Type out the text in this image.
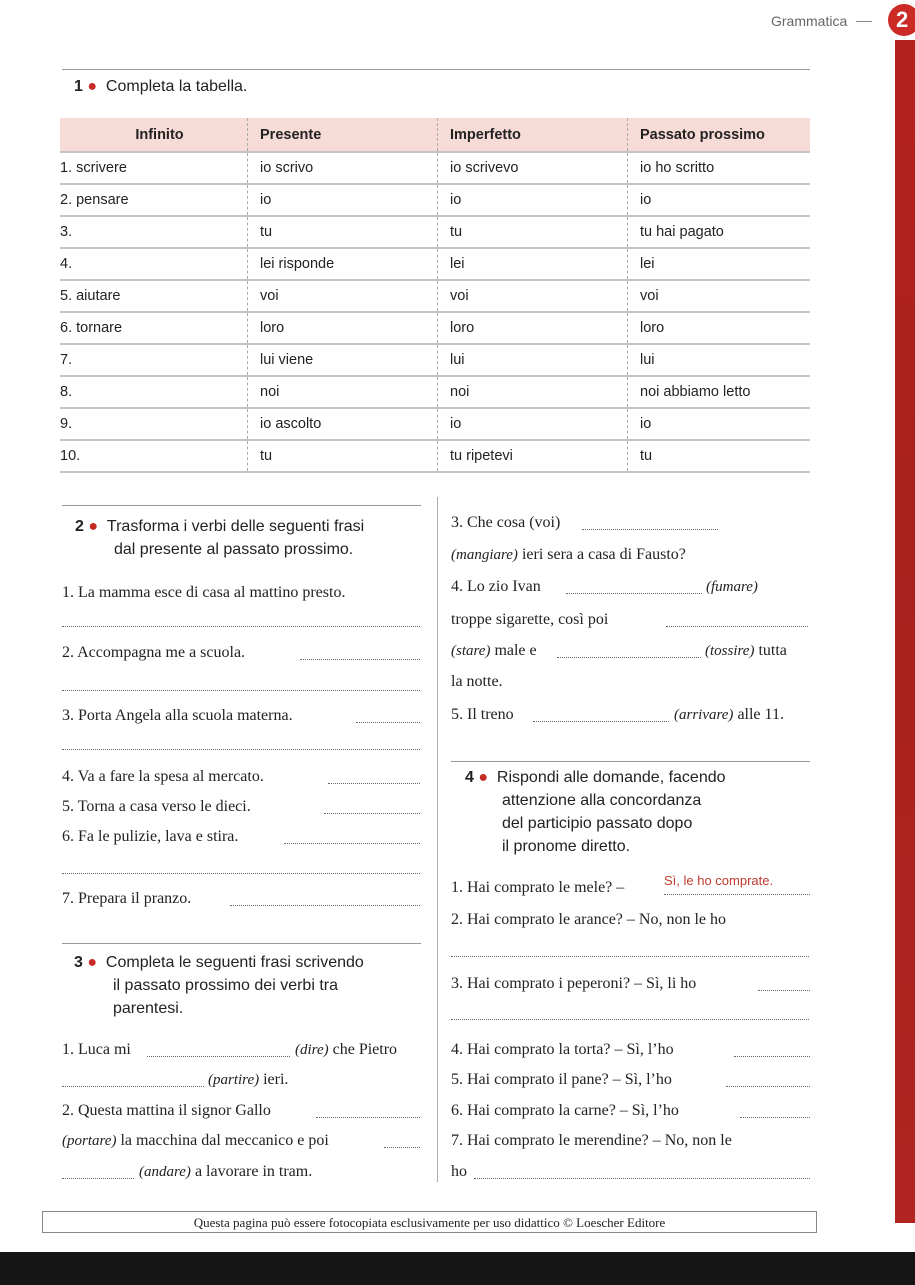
Grammatica	2
1 ● Completa la tabella.
Infinito	Presente	Imperfetto	Passato prossimo
1. scrivere	io scrivo	io scrivevo	io ho scritto
2. pensare	io	io	io
3.	tu	tu	tu hai pagato
4.	lei risponde	lei	lei
5. aiutare	voi	voi	voi
6. tornare	loro	loro	loro
7.	lui viene	lui	lui
8.	noi	noi	noi abbiamo letto
9.	io ascolto	io	io
10.	tu	tu ripetevi	tu
2 ● Trasforma i verbi delle seguenti frasi
dal presente al passato prossimo.
1. La mamma esce di casa al mattino presto.
2. Accompagna me a scuola.
3. Porta Angela alla scuola materna.
4. Va a fare la spesa al mercato.
5. Torna a casa verso le dieci.
6. Fa le pulizie, lava e stira.
7. Prepara il pranzo.
3 ● Completa le seguenti frasi scrivendo
il passato prossimo dei verbi tra
parentesi.
1. Luca mi	(dire) che Pietro
(partire) ieri.
2. Questa mattina il signor Gallo
(portare) la macchina dal meccanico e poi
(andare) a lavorare in tram.
3. Che cosa (voi)
(mangiare) ieri sera a casa di Fausto?
4. Lo zio Ivan	(fumare)
troppe sigarette, così poi
(stare) male e	(tossire) tutta
la notte.
5. Il treno	(arrivare) alle 11.
4 ● Rispondi alle domande, facendo
attenzione alla concordanza
del participio passato dopo
il pronome diretto.
1. Hai comprato le mele? –	Sì, le ho comprate.
2. Hai comprato le arance? – No, non le ho
3. Hai comprato i peperoni? – Sì, li ho
4. Hai comprato la torta? – Sì, l’ho
5. Hai comprato il pane? – Sì, l’ho
6. Hai comprato la carne? – Sì, l’ho
7. Hai comprato le merendine? – No, non le
ho
Questa pagina può essere fotocopiata esclusivamente per uso didattico © Loescher Editore
